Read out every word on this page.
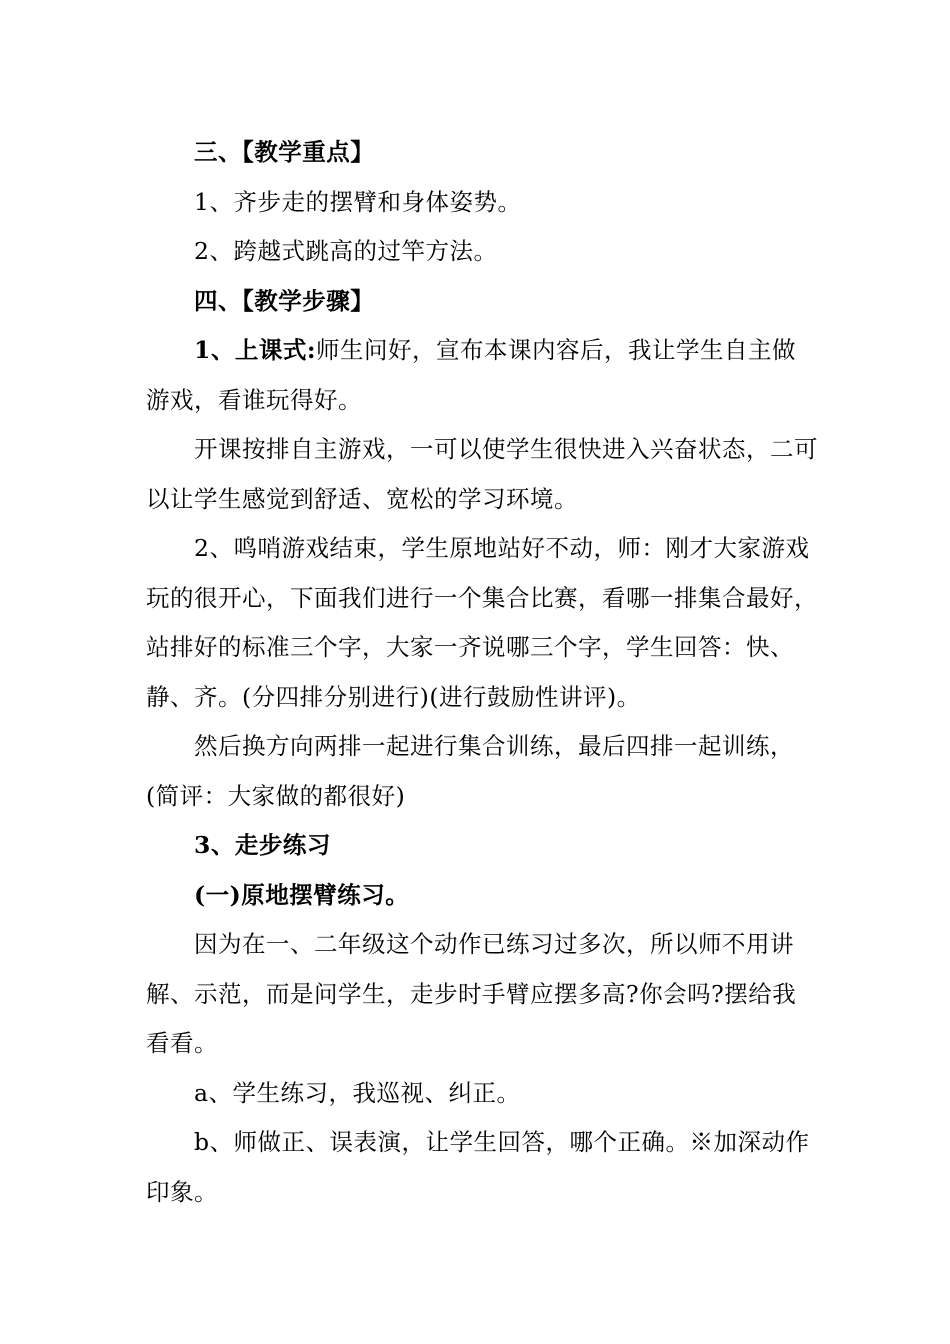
三、【教学重点】

1、齐步走的摆臂和身体姿势。

2、跨越式跳高的过竿方法。

四、【教学步骤】

1、上课式:师生问好，宣布本课内容后，我让学生自主做游戏，看谁玩得好。

开课按排自主游戏，一可以使学生很快进入兴奋状态，二可以让学生感觉到舒适、宽松的学习环境。

2、鸣哨游戏结束，学生原地站好不动，师：刚才大家游戏玩的很开心，下面我们进行一个集合比赛，看哪一排集合最好，站排好的标准三个字，大家一齐说哪三个字，学生回答：快、静、齐。(分四排分别进行)(进行鼓励性讲评)。

然后换方向两排一起进行集合训练，最后四排一起训练，(简评：大家做的都很好)

3、走步练习

(一)原地摆臂练习。

因为在一、二年级这个动作已练习过多次，所以师不用讲解、示范，而是问学生，走步时手臂应摆多高?你会吗?摆给我看看。

a、学生练习，我巡视、纠正。

b、师做正、误表演，让学生回答，哪个正确。※加深动作印象。
